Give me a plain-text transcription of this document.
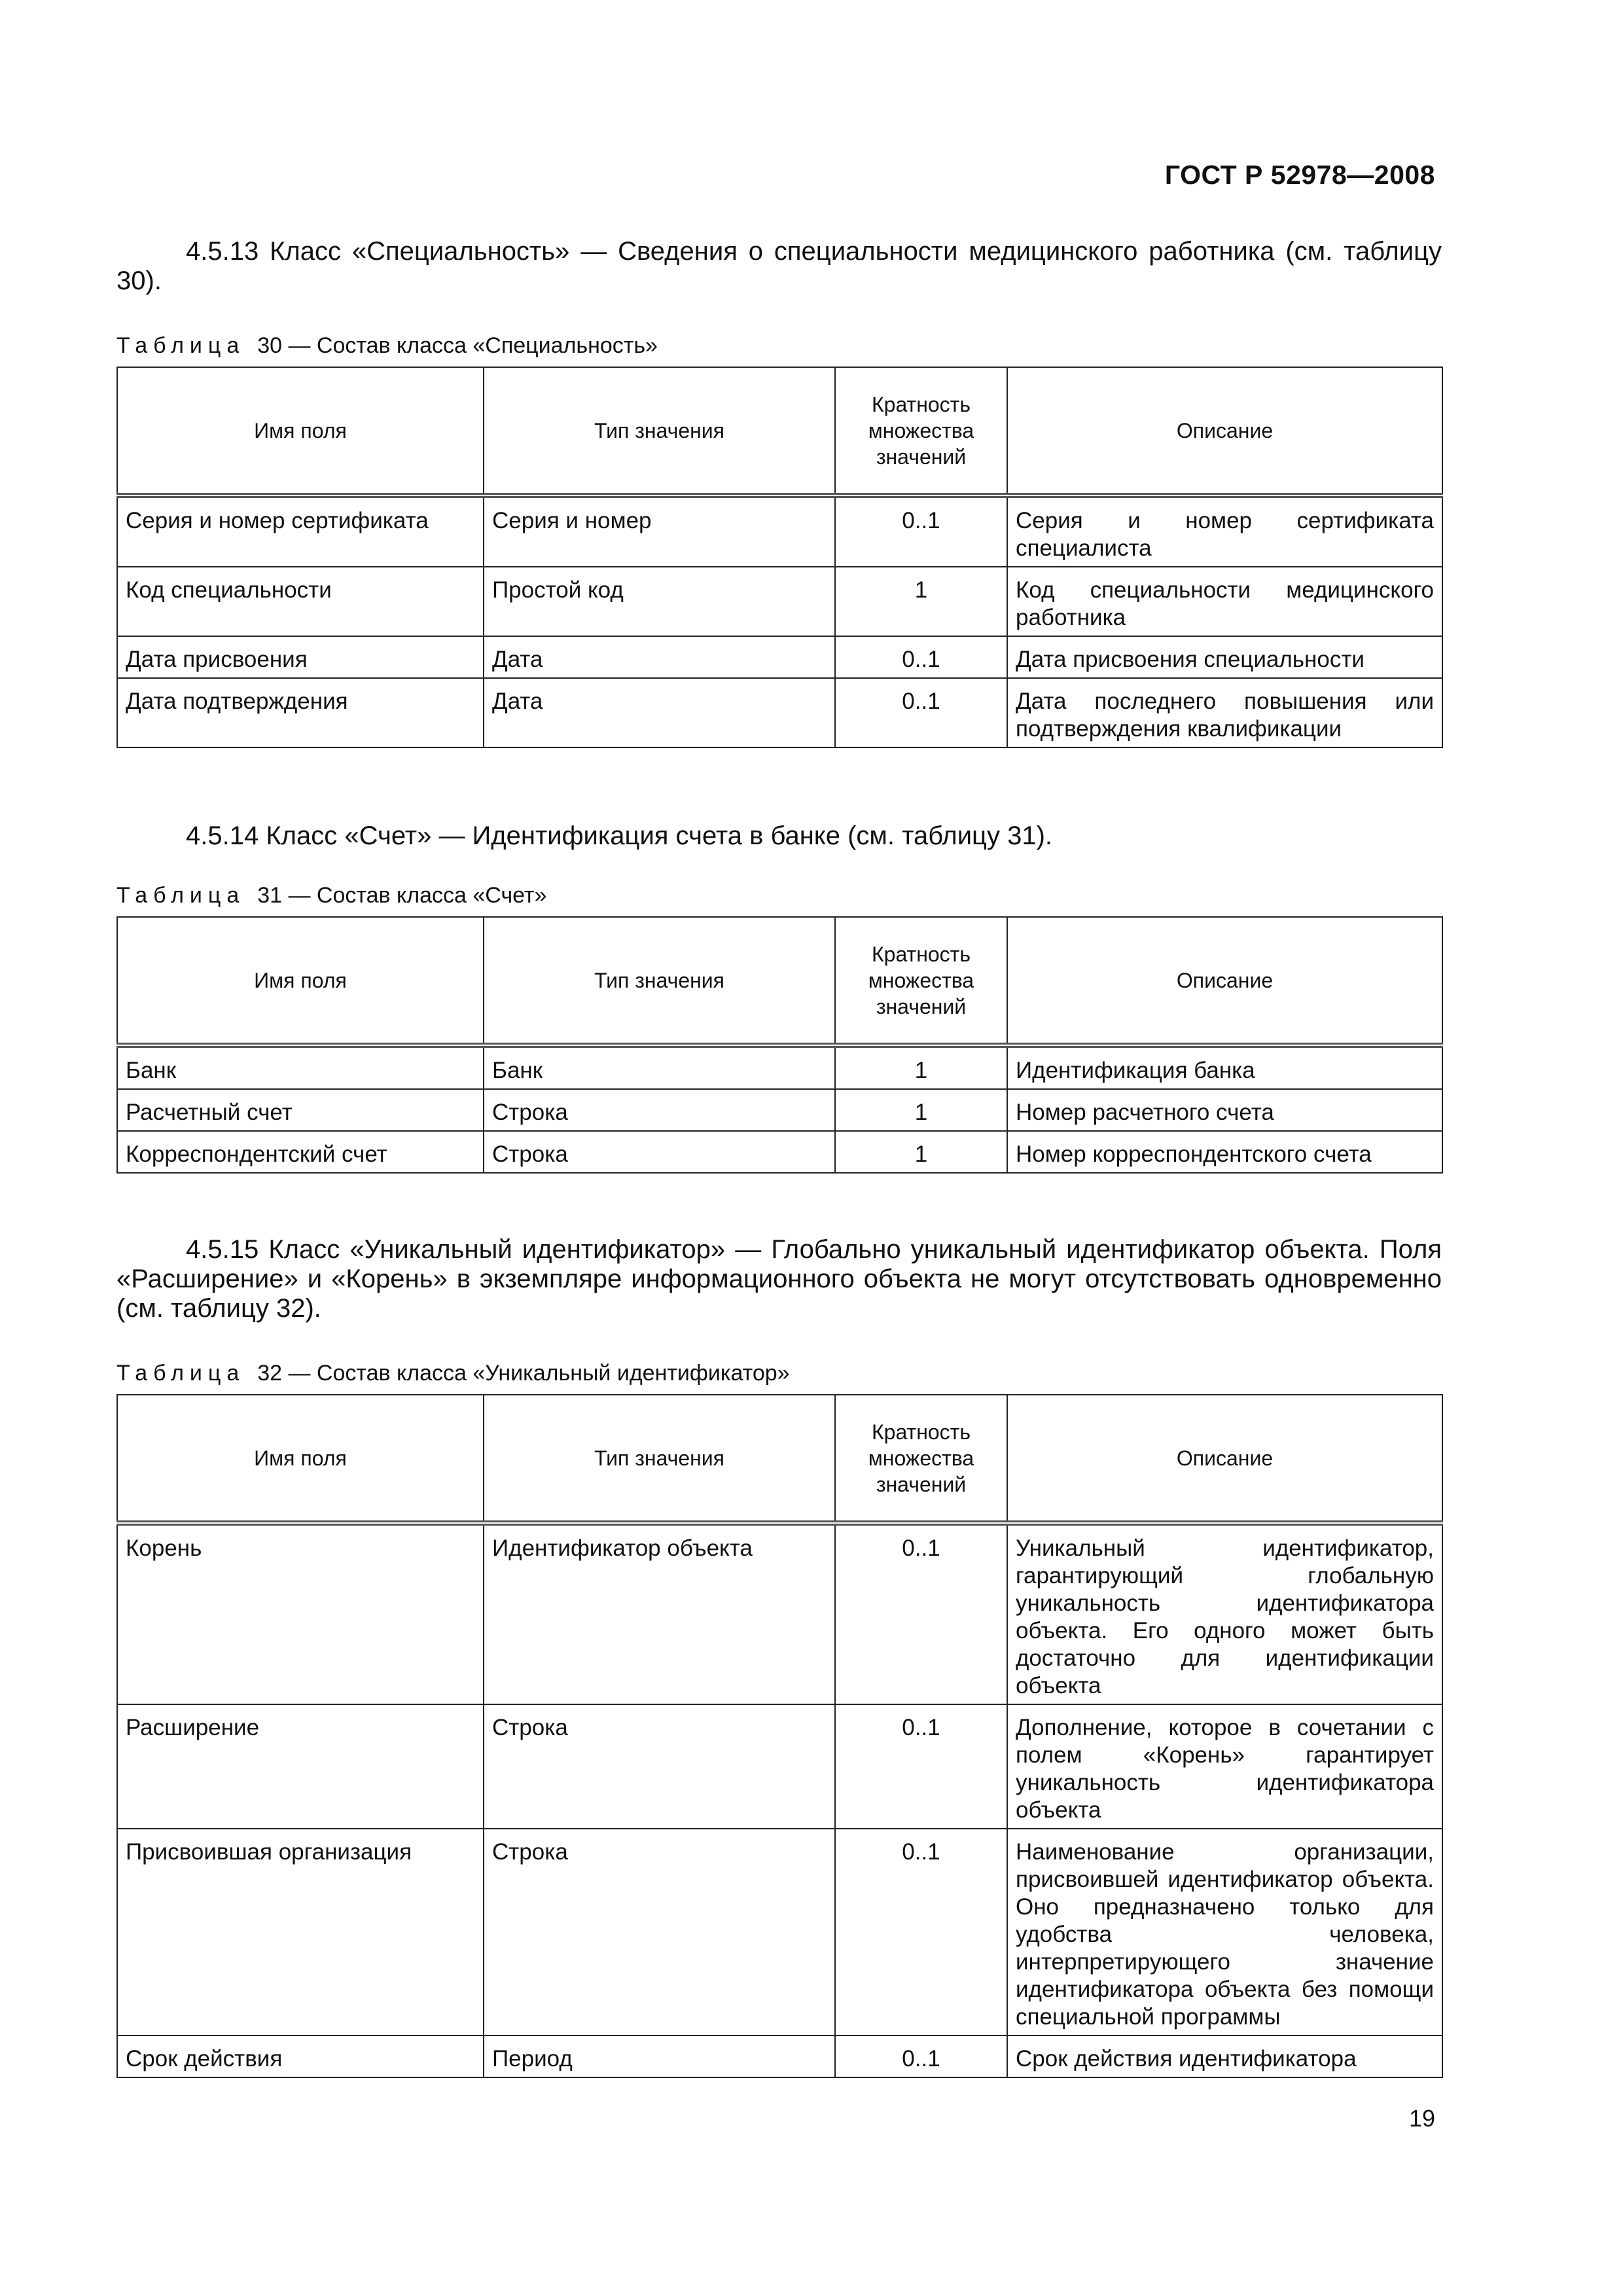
ГОСТ Р 52978—2008

4.5.13 Класс «Специальность» — Сведения о специальности медицинского работника (см. таблицу 30).

Таблица 30 — Состав класса «Специальность»

Имя поля	Тип значения	Кратность множества значений	Описание
Серия и номер сертификата	Серия и номер	0..1	Серия и номер сертификата специалиста
Код специальности	Простой код	1	Код специальности медицинского работника
Дата присвоения	Дата	0..1	Дата присвоения специальности
Дата подтверждения	Дата	0..1	Дата последнего повышения или подтверждения квалификации

4.5.14 Класс «Счет» — Идентификация счета в банке (см. таблицу 31).

Таблица 31 — Состав класса «Счет»

Имя поля	Тип значения	Кратность множества значений	Описание
Банк	Банк	1	Идентификация банка
Расчетный счет	Строка	1	Номер расчетного счета
Корреспондентский счет	Строка	1	Номер корреспондентского счета

4.5.15 Класс «Уникальный идентификатор» — Глобально уникальный идентификатор объекта. Поля «Расширение» и «Корень» в экземпляре информационного объекта не могут отсутствовать одновременно (см. таблицу 32).

Таблица 32 — Состав класса «Уникальный идентификатор»

Имя поля	Тип значения	Кратность множества значений	Описание
Корень	Идентификатор объекта	0..1	Уникальный идентификатор, гарантирующий глобальную уникальность идентификатора объекта. Его одного может быть достаточно для идентификации объекта
Расширение	Строка	0..1	Дополнение, которое в сочетании с полем «Корень» гарантирует уникальность идентификатора объекта
Присвоившая организация	Строка	0..1	Наименование организации, присвоившей идентификатор объекта. Оно предназначено только для удобства человека, интерпретирующего значение идентификатора объекта без помощи специальной программы
Срок действия	Период	0..1	Срок действия идентификатора
19
